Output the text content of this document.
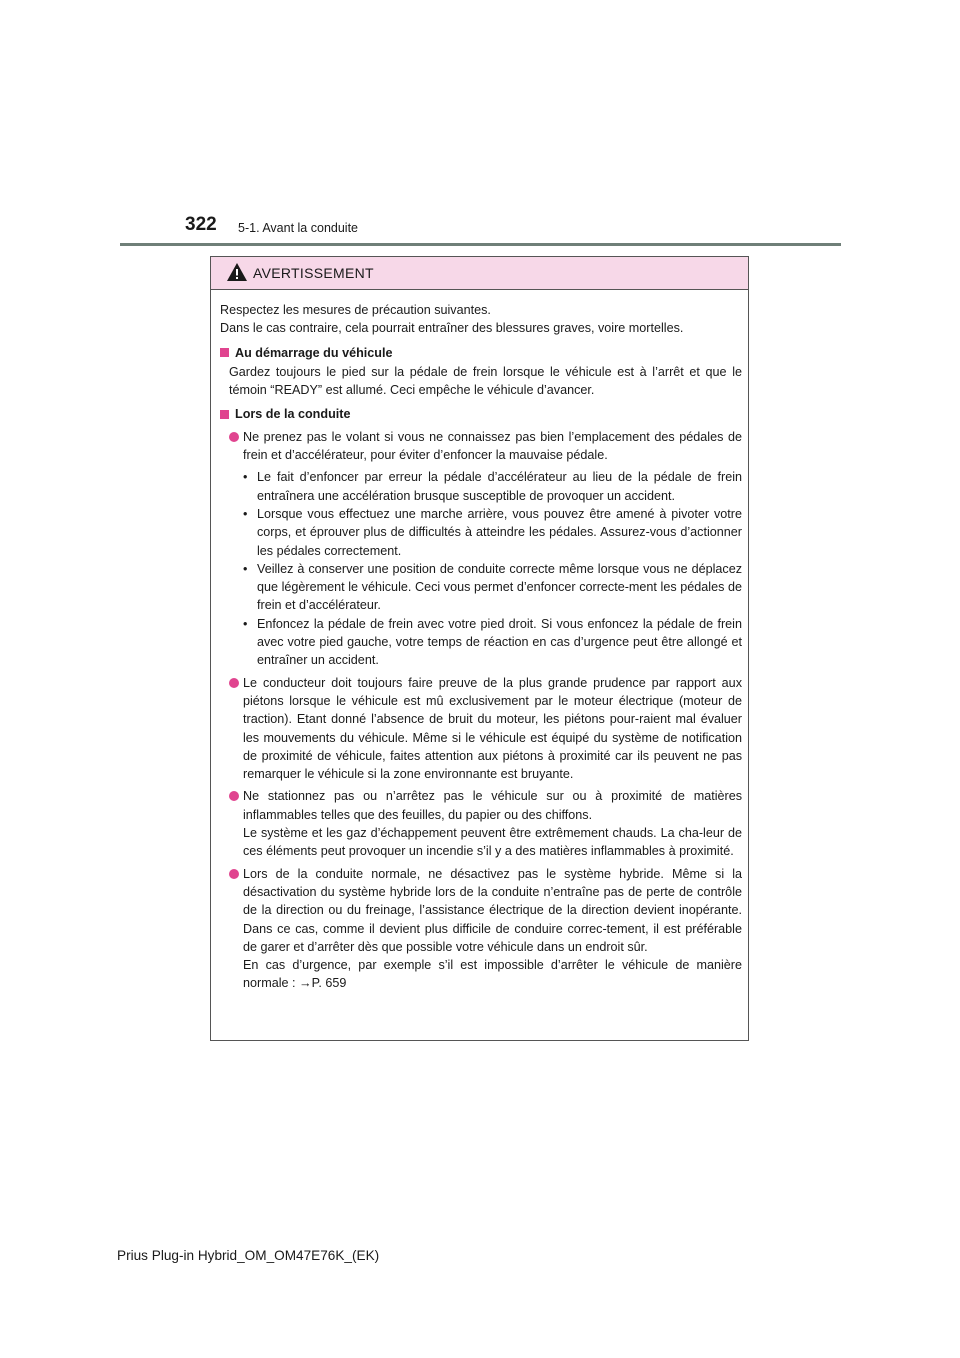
322 5-1. Avant la conduite
AVERTISSEMENT

Respectez les mesures de précaution suivantes.

Dans le cas contraire, cela pourrait entraîner des blessures graves, voire mortelles.

Au démarrage du véhicule

Gardez toujours le pied sur la pédale de frein lorsque le véhicule est à l’arrêt et que le témoin “READY” est allumé. Ceci empêche le véhicule d’avancer.

Lors de la conduite

Ne prenez pas le volant si vous ne connaissez pas bien l’emplacement des pédales de frein et d’accélérateur, pour éviter d’enfoncer la mauvaise pédale.

• Le fait d’enfoncer par erreur la pédale d’accélérateur au lieu de la pédale de frein entraînera une accélération brusque susceptible de provoquer un accident.
• Lorsque vous effectuez une marche arrière, vous pouvez être amené à pivoter votre corps, et éprouver plus de difficultés à atteindre les pédales. Assurez-vous d’actionner les pédales correctement.
• Veillez à conserver une position de conduite correcte même lorsque vous ne déplacez que légèrement le véhicule. Ceci vous permet d’enfoncer correcte-ment les pédales de frein et d’accélérateur.
• Enfoncez la pédale de frein avec votre pied droit. Si vous enfoncez la pédale de frein avec votre pied gauche, votre temps de réaction en cas d’urgence peut être allongé et entraîner un accident.

Le conducteur doit toujours faire preuve de la plus grande prudence par rapport aux piétons lorsque le véhicule est mû exclusivement par le moteur électrique (moteur de traction). Etant donné l’absence de bruit du moteur, les piétons pour-raient mal évaluer les mouvements du véhicule. Même si le véhicule est équipé du système de notification de proximité de véhicule, faites attention aux piétons à proximité car ils peuvent ne pas remarquer le véhicule si la zone environnante est bruyante.

Ne stationnez pas ou n’arrêtez pas le véhicule sur ou à proximité de matières inflammables telles que des feuilles, du papier ou des chiffons.

Le système et les gaz d’échappement peuvent être extrêmement chauds. La cha-leur de ces éléments peut provoquer un incendie s’il y a des matières inflammables à proximité.

Lors de la conduite normale, ne désactivez pas le système hybride. Même si la désactivation du système hybride lors de la conduite n’entraîne pas de perte de contrôle de la direction ou du freinage, l’assistance électrique de la direction devient inopérante. Dans ce cas, comme il devient plus difficile de conduire correc-tement, il est préférable de garer et d’arrêter dès que possible votre véhicule dans un endroit sûr.

En cas d’urgence, par exemple s’il est impossible d’arrêter le véhicule de manière normale : →P. 659

Prius Plug-in Hybrid_OM_OM47E76K_(EK)
